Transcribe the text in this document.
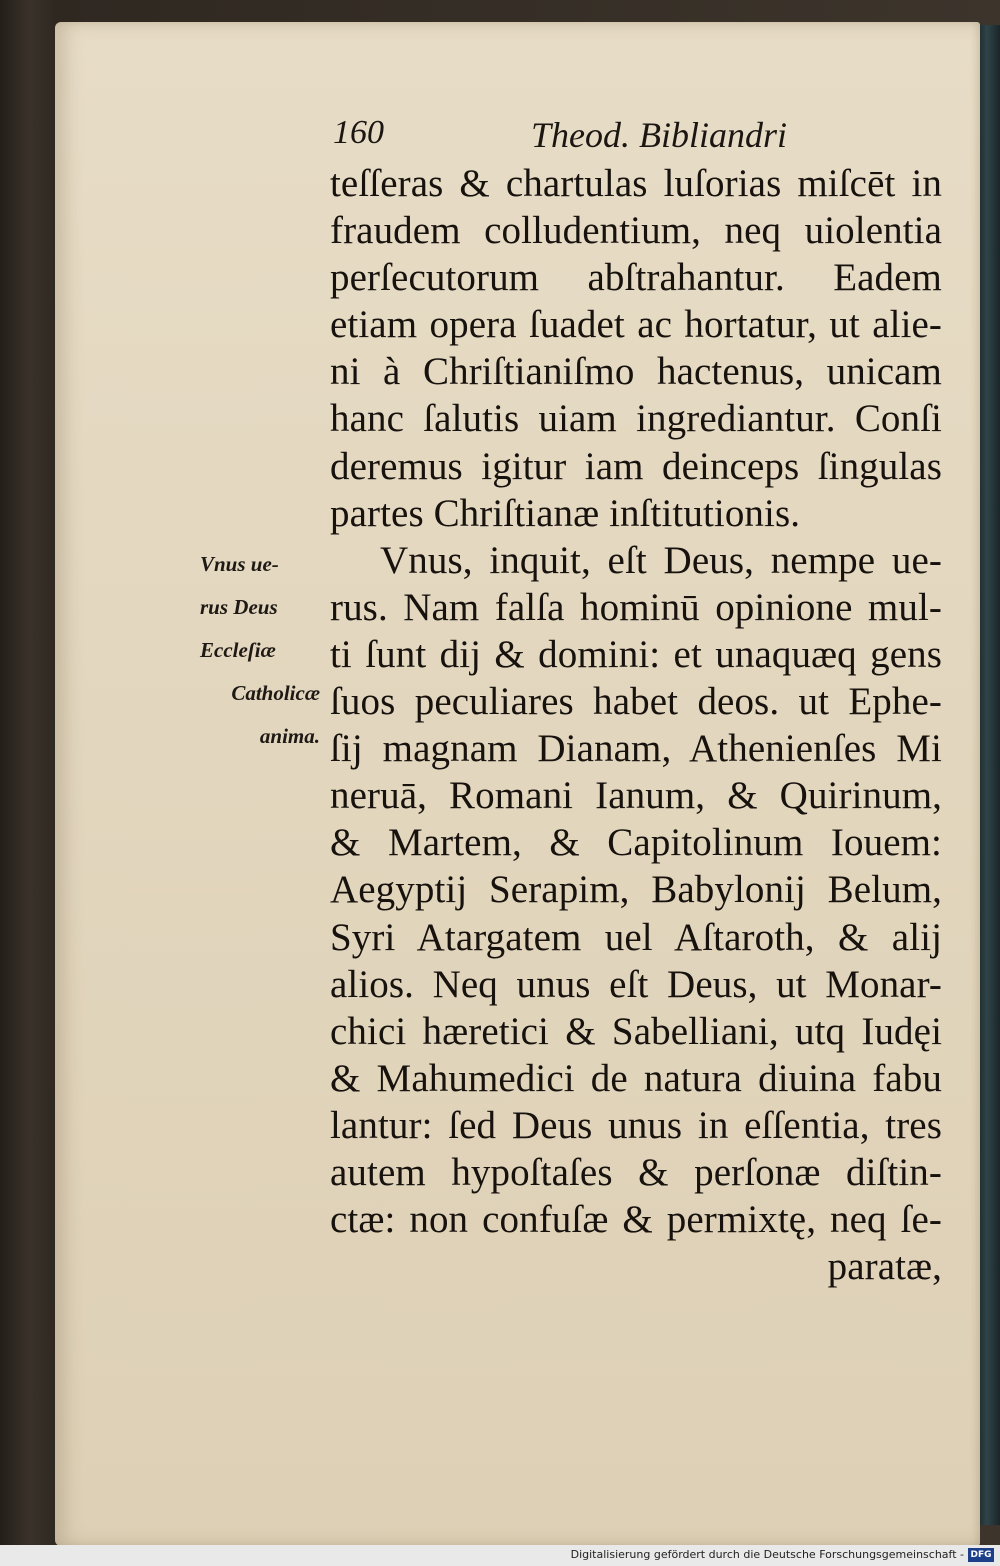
160	Theod. Bibliandri
teſſeras & chartulas luſorias miſcēt in
fraudem colludentium, neq uiolentia
perſecutorum abſtrahantur. Eadem
etiam opera ſuadet ac hortatur, ut alie-
ni à Chriſtianiſmo hactenus, unicam
hanc ſalutis uiam ingrediantur. Conſi
deremus igitur iam deinceps ſingulas
partes Chriſtianæ inſtitutionis.
Vnus, inquit, eſt Deus, nempe ue-
rus. Nam falſa hominū opinione mul-
ti ſunt dij & domini: et unaquæq gens
ſuos peculiares habet deos. ut Ephe-
ſij magnam Dianam, Athenienſes Mi
neruā, Romani Ianum, & Quirinum,
& Martem, & Capitolinum Iouem:
Aegyptij Serapim, Babylonij Belum,
Syri Atargatem uel Aſtaroth, & alij
alios. Neq unus eſt Deus, ut Monar-
chici hæretici & Sabelliani, utq Iudęi
& Mahumedici de natura diuina fabu
lantur: ſed Deus unus in eſſentia, tres
autem hypoſtaſes & perſonæ diſtin-
ctæ: non confuſæ & permixtę, neq ſe-
paratæ,
Vnus ue-
rus Deus
Eccleſiæ
Catholicæ
anima.
Digitalisierung gefördert durch die Deutsche Forschungsgemeinschaft - DFG
